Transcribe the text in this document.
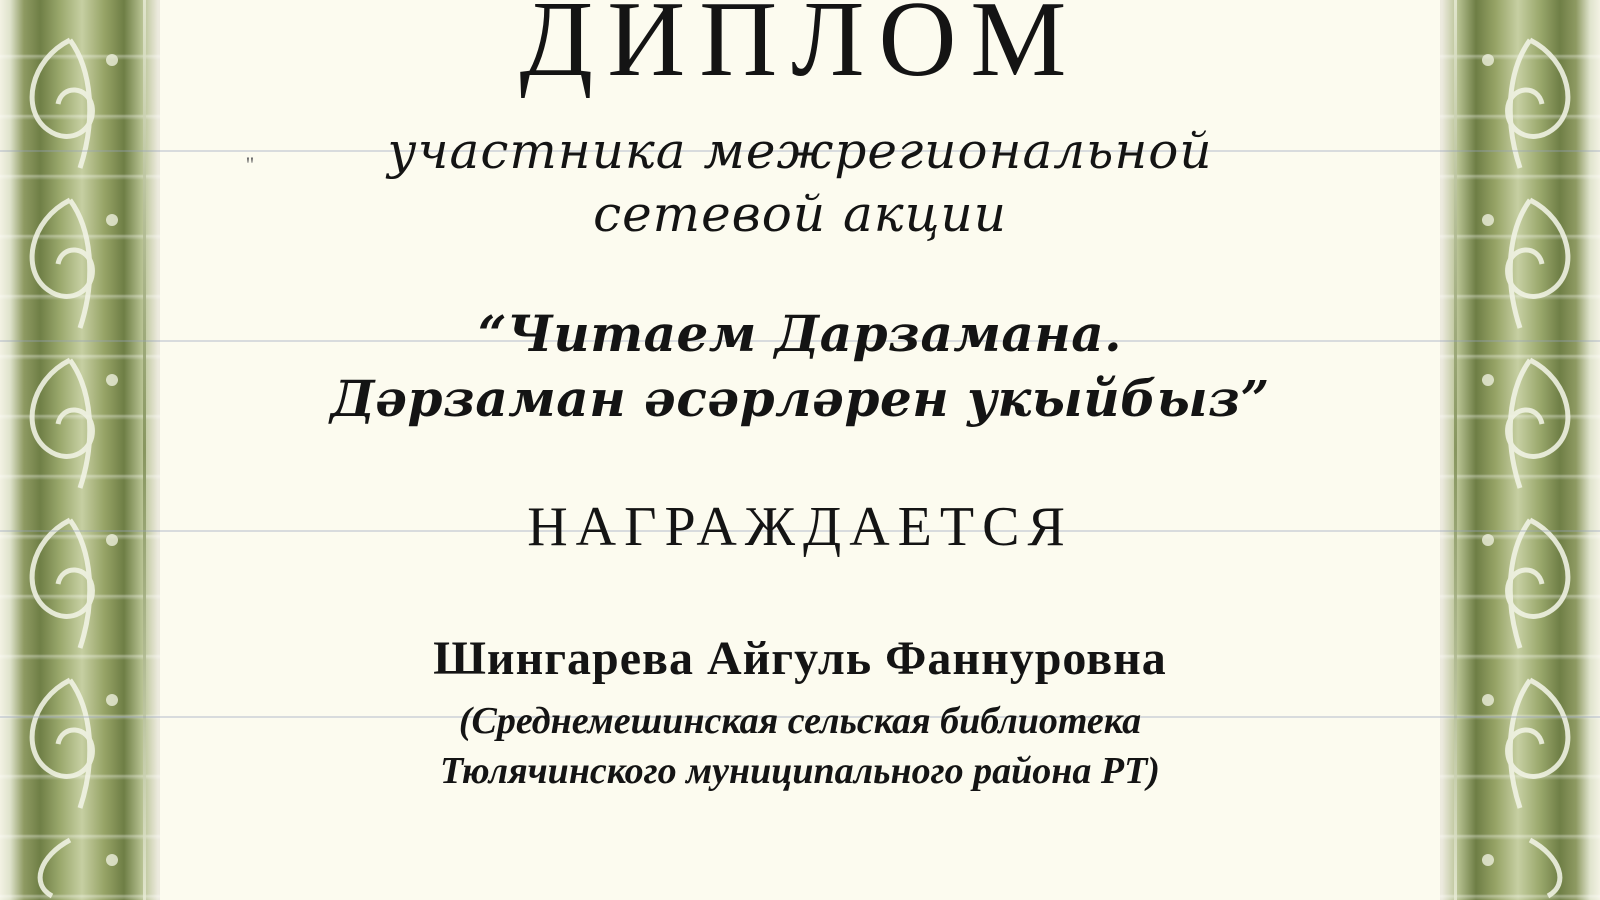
''
ДИПЛОМ
участника межрегиональной
сетевой акции
“Читаем Дарзамана.
Дәрзаман әсәрләрен укыйбыз”
НАГРАЖДАЕТСЯ
Шингарева Айгуль Фаннуровна
(Среднемешинская сельская библиотека
Тюлячинского муниципального района РТ)
